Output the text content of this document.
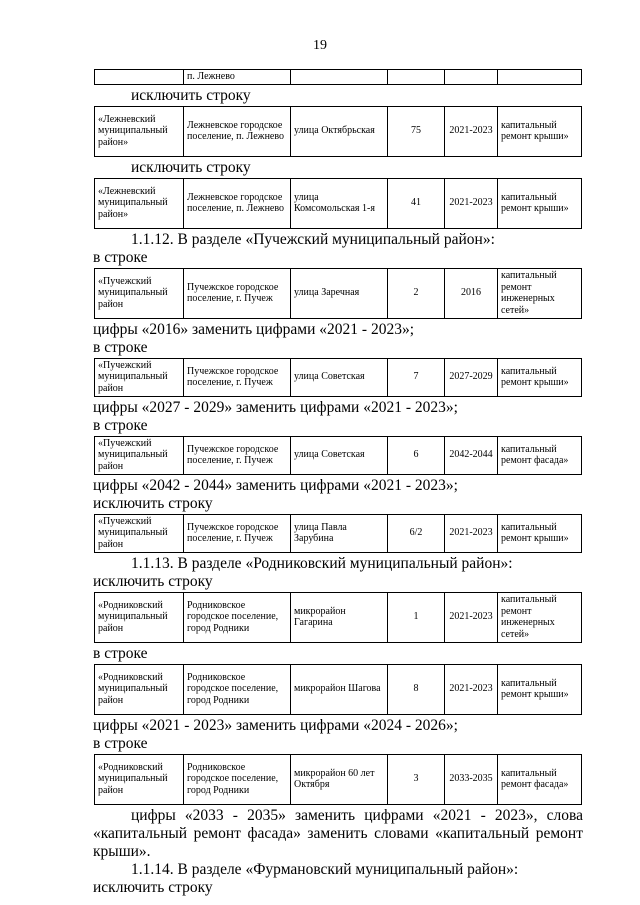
19
	п. Лежнево				
исключить строку
«Лежневский муниципальный район»	Лежневское городское поселение, п. Лежнево	улица Октябрьская	75	2021-2023	капитальный ремонт крыши»
исключить строку
«Лежневский муниципальный район»	Лежневское городское поселение, п. Лежнево	улица Комсомольская 1-я	41	2021-2023	капитальный ремонт крыши»
1.1.12. В разделе «Пучежский муниципальный район»:
в строке
«Пучежский муниципальный район	Пучежское городское поселение, г. Пучеж	улица Заречная	2	2016	капитальный ремонт инженерных сетей»
цифры «2016» заменить цифрами «2021 - 2023»;
в строке
«Пучежский муниципальный район	Пучежское городское поселение, г. Пучеж	улица Советская	7	2027-2029	капитальный ремонт крыши»
цифры «2027 - 2029» заменить цифрами «2021 - 2023»;
в строке
«Пучежский муниципальный район	Пучежское городское поселение, г. Пучеж	улица Советская	6	2042-2044	капитальный ремонт фасада»
цифры «2042 - 2044» заменить цифрами «2021 - 2023»;
исключить строку
«Пучежский муниципальный район	Пучежское городское поселение, г. Пучеж	улица Павла Зарубина	6/2	2021-2023	капитальный ремонт крыши»
1.1.13. В разделе «Родниковский муниципальный район»:
исключить строку
«Родниковский муниципальный район	Родниковское городское поселение, город Родники	микрорайон Гагарина	1	2021-2023	капитальный ремонт инженерных сетей»
в строке
«Родниковский муниципальный район	Родниковское городское поселение, город Родники	микрорайон Шагова	8	2021-2023	капитальный ремонт крыши»
цифры «2021 - 2023» заменить цифрами «2024 - 2026»;
в строке
«Родниковский муниципальный район	Родниковское городское поселение, город Родники	микрорайон 60 лет Октября	3	2033-2035	капитальный ремонт фасада»
цифры «2033 - 2035» заменить цифрами «2021 - 2023», слова
«капитальный ремонт фасада» заменить словами «капитальный ремонт
крыши».
1.1.14. В разделе «Фурмановский муниципальный район»:
исключить строку
